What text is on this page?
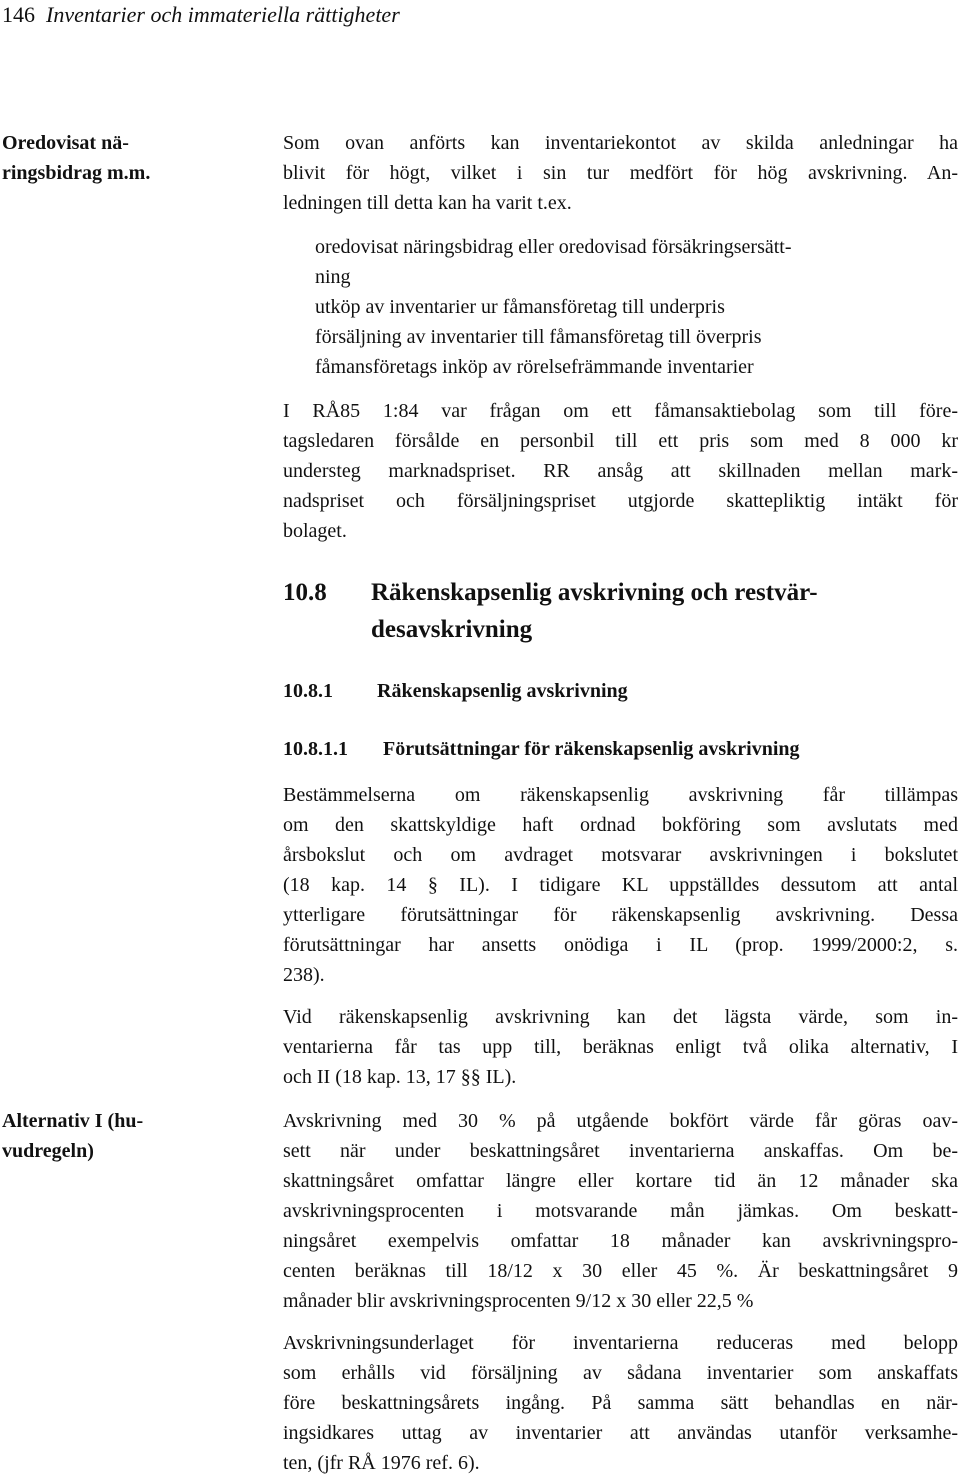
146 Inventarier och immateriella rättigheter
Oredovisat nä-
ringsbidrag m.m.
Som ovan anförts kan inventariekontot av skilda anledningar ha
blivit för högt, vilket i sin tur medfört för hög avskrivning. An-
ledningen till detta kan ha varit t.ex.
oredovisat näringsbidrag eller oredovisad försäkringsersätt-
ning
utköp av inventarier ur fåmansföretag till underpris
försäljning av inventarier till fåmansföretag till överpris
fåmansföretags inköp av rörelsefrämmande inventarier
I RÅ85 1:84 var frågan om ett fåmansaktiebolag som till före-
tagsledaren försålde en personbil till ett pris som med 8 000 kr
understeg marknadspriset. RR ansåg att skillnaden mellan mark-
nadspriset och försäljningspriset utgjorde skattepliktig intäkt för
bolaget.
10.8 Räkenskapsenlig avskrivning och restvär-
desavskrivning
10.8.1 Räkenskapsenlig avskrivning
10.8.1.1 Förutsättningar för räkenskapsenlig avskrivning
Bestämmelserna om räkenskapsenlig avskrivning får tillämpas
om den skattskyldige haft ordnad bokföring som avslutats med
årsbokslut och om avdraget motsvarar avskrivningen i bokslutet
(18 kap. 14 § IL). I tidigare KL uppställdes dessutom att antal
ytterligare förutsättningar för räkenskapsenlig avskrivning. Dessa
förutsättningar har ansetts onödiga i IL (prop. 1999/2000:2, s.
238).
Vid räkenskapsenlig avskrivning kan det lägsta värde, som in-
ventarierna får tas upp till, beräknas enligt två olika alternativ, I
och II (18 kap. 13, 17 §§ IL).
Alternativ I (hu-
vudregeln)
Avskrivning med 30 % på utgående bokfört värde får göras oav-
sett när under beskattningsåret inventarierna anskaffas. Om be-
skattningsåret omfattar längre eller kortare tid än 12 månader ska
avskrivningsprocenten i motsvarande mån jämkas. Om beskatt-
ningsåret exempelvis omfattar 18 månader kan avskrivningspro-
centen beräknas till 18/12 x 30 eller 45 %. Är beskattningsåret 9
månader blir avskrivningsprocenten 9/12 x 30 eller 22,5 %
Avskrivningsunderlaget för inventarierna reduceras med belopp
som erhålls vid försäljning av sådana inventarier som anskaffats
före beskattningsårets ingång. På samma sätt behandlas en när-
ingsidkares uttag av inventarier att användas utanför verksamhe-
ten, (jfr RÅ 1976 ref. 6).
